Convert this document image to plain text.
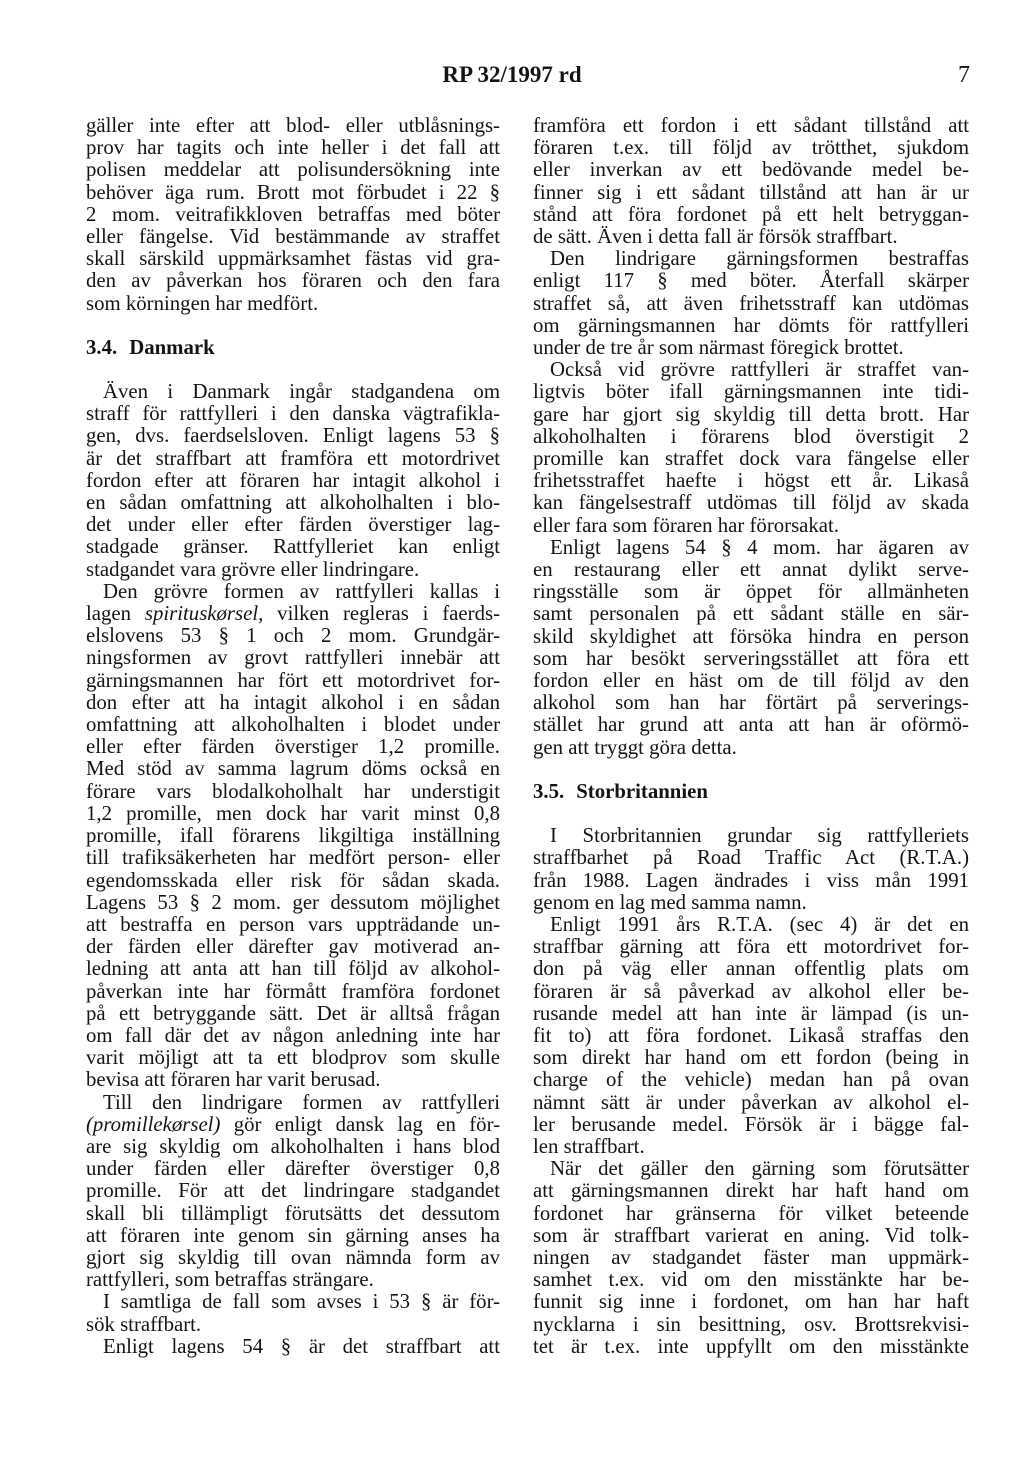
RP 32/1997 rd	7
gäller inte efter att blod- eller utblåsnings-
prov har tagits och inte heller i det fall att
polisen meddelar att polisundersökning inte
behöver äga rum. Brott mot förbudet i 22 §
2 mom. veitrafikkloven betraffas med böter
eller fängelse. Vid bestämmande av straffet
skall särskild uppmärksamhet fästas vid gra-
den av påverkan hos föraren och den fara
som körningen har medfört.
3.4. Danmark
Även i Danmark ingår stadgandena om
straff för rattfylleri i den danska vägtrafikla-
gen, dvs. faerdselsloven. Enligt lagens 53 §
är det straffbart att framföra ett motordrivet
fordon efter att föraren har intagit alkohol i
en sådan omfattning att alkoholhalten i blo-
det under eller efter färden överstiger lag-
stadgade gränser. Rattfylleriet kan enligt
stadgandet vara grövre eller lindringare.
Den grövre formen av rattfylleri kallas i
lagen spirituskørsel, vilken regleras i faerds-
elslovens 53 § 1 och 2 mom. Grundgär-
ningsformen av grovt rattfylleri innebär att
gärningsmannen har fört ett motordrivet for-
don efter att ha intagit alkohol i en sådan
omfattning att alkoholhalten i blodet under
eller efter färden överstiger 1,2 promille.
Med stöd av samma lagrum döms också en
förare vars blodalkoholhalt har understigit
1,2 promille, men dock har varit minst 0,8
promille, ifall förarens likgiltiga inställning
till trafiksäkerheten har medfört person- eller
egendomsskada eller risk för sådan skada.
Lagens 53 § 2 mom. ger dessutom möjlighet
att bestraffa en person vars uppträdande un-
der färden eller därefter gav motiverad an-
ledning att anta att han till följd av alkohol-
påverkan inte har förmått framföra fordonet
på ett betryggande sätt. Det är alltså frågan
om fall där det av någon anledning inte har
varit möjligt att ta ett blodprov som skulle
bevisa att föraren har varit berusad.
Till den lindrigare formen av rattfylleri
(promillekørsel) gör enligt dansk lag en för-
are sig skyldig om alkoholhalten i hans blod
under färden eller därefter överstiger 0,8
promille. För att det lindringare stadgandet
skall bli tillämpligt förutsätts det dessutom
att föraren inte genom sin gärning anses ha
gjort sig skyldig till ovan nämnda form av
rattfylleri, som betraffas strängare.
I samtliga de fall som avses i 53 § är för-
sök straffbart.
Enligt lagens 54 § är det straffbart att
framföra ett fordon i ett sådant tillstånd att
föraren t.ex. till följd av trötthet, sjukdom
eller inverkan av ett bedövande medel be-
finner sig i ett sådant tillstånd att han är ur
stånd att föra fordonet på ett helt betryggan-
de sätt. Även i detta fall är försök straffbart.
Den lindrigare gärningsformen bestraffas
enligt 117 § med böter. Återfall skärper
straffet så, att även frihetsstraff kan utdömas
om gärningsmannen har dömts för rattfylleri
under de tre år som närmast föregick brottet.
Också vid grövre rattfylleri är straffet van-
ligtvis böter ifall gärningsmannen inte tidi-
gare har gjort sig skyldig till detta brott. Har
alkoholhalten i förarens blod överstigit 2
promille kan straffet dock vara fängelse eller
frihetsstraffet haefte i högst ett år. Likaså
kan fängelsestraff utdömas till följd av skada
eller fara som föraren har förorsakat.
Enligt lagens 54 § 4 mom. har ägaren av
en restaurang eller ett annat dylikt serve-
ringsställe som är öppet för allmänheten
samt personalen på ett sådant ställe en sär-
skild skyldighet att försöka hindra en person
som har besökt serveringsstället att föra ett
fordon eller en häst om de till följd av den
alkohol som han har förtärt på serverings-
stället har grund att anta att han är oförmö-
gen att tryggt göra detta.
3.5. Storbritannien
I Storbritannien grundar sig rattfylleriets
straffbarhet på Road Traffic Act (R.T.A.)
från 1988. Lagen ändrades i viss mån 1991
genom en lag med samma namn.
Enligt 1991 års R.T.A. (sec 4) är det en
straffbar gärning att föra ett motordrivet for-
don på väg eller annan offentlig plats om
föraren är så påverkad av alkohol eller be-
rusande medel att han inte är lämpad (is un-
fit to) att föra fordonet. Likaså straffas den
som direkt har hand om ett fordon (being in
charge of the vehicle) medan han på ovan
nämnt sätt är under påverkan av alkohol el-
ler berusande medel. Försök är i bägge fal-
len straffbart.
När det gäller den gärning som förutsätter
att gärningsmannen direkt har haft hand om
fordonet har gränserna för vilket beteende
som är straffbart varierat en aning. Vid tolk-
ningen av stadgandet fäster man uppmärk-
samhet t.ex. vid om den misstänkte har be-
funnit sig inne i fordonet, om han har haft
nycklarna i sin besittning, osv. Brottsrekvisi-
tet är t.ex. inte uppfyllt om den misstänkte
